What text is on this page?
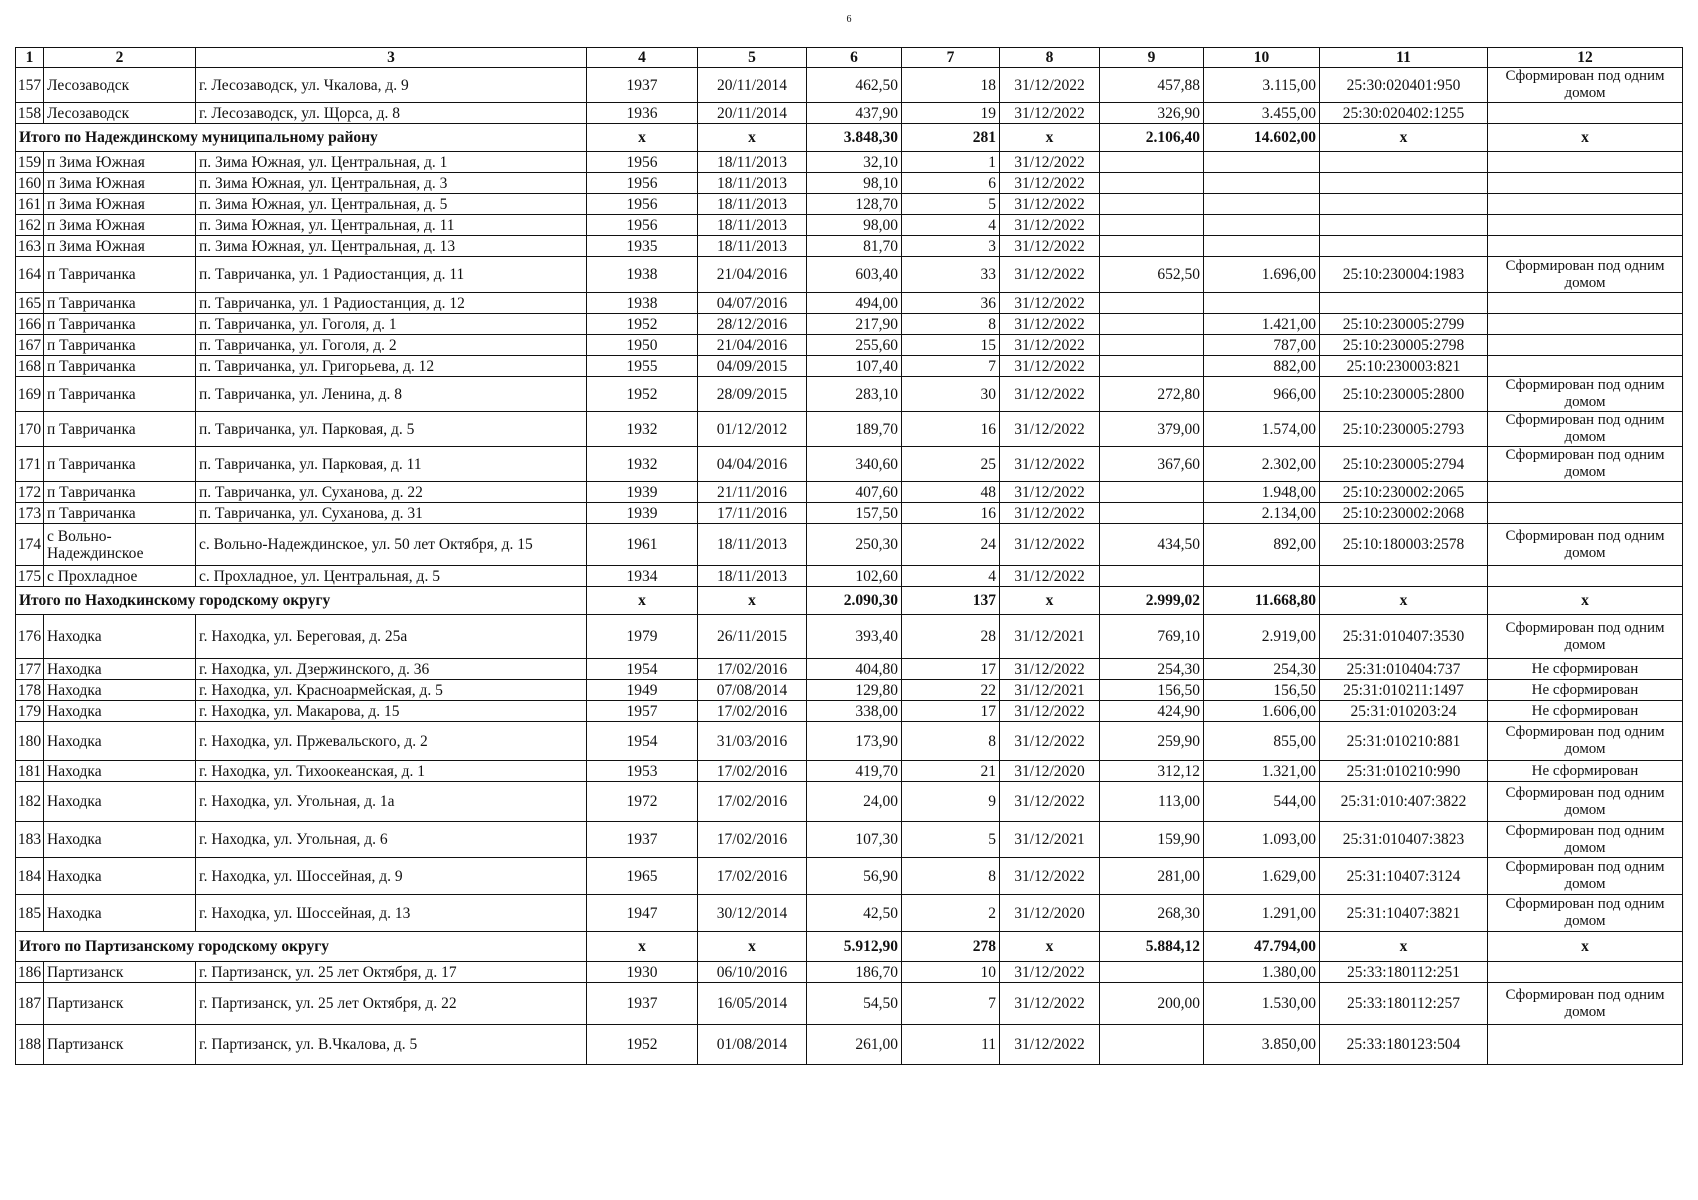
6
1	2	3	4	5	6	7	8	9	10	11	12
157	Лесозаводск	г. Лесозаводск, ул. Чкалова, д. 9	1937	20/11/2014	462,50	18	31/12/2022	457,88	3.115,00	25:30:020401:950	Сформирован под одним домом
158	Лесозаводск	г. Лесозаводск, ул. Щорса, д. 8	1936	20/11/2014	437,90	19	31/12/2022	326,90	3.455,00	25:30:020402:1255	
Итого по Надеждинскому муниципальному району			х	х	3.848,30	281	х	2.106,40	14.602,00	х	х
159	п Зима Южная	п. Зима Южная, ул. Центральная, д. 1	1956	18/11/2013	32,10	1	31/12/2022				
160	п Зима Южная	п. Зима Южная, ул. Центральная, д. 3	1956	18/11/2013	98,10	6	31/12/2022				
161	п Зима Южная	п. Зима Южная, ул. Центральная, д. 5	1956	18/11/2013	128,70	5	31/12/2022				
162	п Зима Южная	п. Зима Южная, ул. Центральная, д. 11	1956	18/11/2013	98,00	4	31/12/2022				
163	п Зима Южная	п. Зима Южная, ул. Центральная, д. 13	1935	18/11/2013	81,70	3	31/12/2022				
164	п Тавричанка	п. Тавричанка, ул. 1 Радиостанция, д. 11	1938	21/04/2016	603,40	33	31/12/2022	652,50	1.696,00	25:10:230004:1983	Сформирован под одним домом
165	п Тавричанка	п. Тавричанка, ул. 1 Радиостанция, д. 12	1938	04/07/2016	494,00	36	31/12/2022				
166	п Тавричанка	п. Тавричанка, ул. Гоголя, д. 1	1952	28/12/2016	217,90	8	31/12/2022		1.421,00	25:10:230005:2799	
167	п Тавричанка	п. Тавричанка, ул. Гоголя, д. 2	1950	21/04/2016	255,60	15	31/12/2022		787,00	25:10:230005:2798	
168	п Тавричанка	п. Тавричанка, ул. Григорьева, д. 12	1955	04/09/2015	107,40	7	31/12/2022		882,00	25:10:230003:821	
169	п Тавричанка	п. Тавричанка, ул. Ленина, д. 8	1952	28/09/2015	283,10	30	31/12/2022	272,80	966,00	25:10:230005:2800	Сформирован под одним домом
170	п Тавричанка	п. Тавричанка, ул. Парковая, д. 5	1932	01/12/2012	189,70	16	31/12/2022	379,00	1.574,00	25:10:230005:2793	Сформирован под одним домом
171	п Тавричанка	п. Тавричанка, ул. Парковая, д. 11	1932	04/04/2016	340,60	25	31/12/2022	367,60	2.302,00	25:10:230005:2794	Сформирован под одним домом
172	п Тавричанка	п. Тавричанка, ул. Суханова, д. 22	1939	21/11/2016	407,60	48	31/12/2022		1.948,00	25:10:230002:2065	
173	п Тавричанка	п. Тавричанка, ул. Суханова, д. 31	1939	17/11/2016	157,50	16	31/12/2022		2.134,00	25:10:230002:2068	
174	с Вольно-Надеждинское	с. Вольно-Надеждинское, ул. 50 лет Октября, д. 15	1961	18/11/2013	250,30	24	31/12/2022	434,50	892,00	25:10:180003:2578	Сформирован под одним домом
175	с Прохладное	с. Прохладное, ул. Центральная, д. 5	1934	18/11/2013	102,60	4	31/12/2022				
Итого по Находкинскому городскому округу			х	х	2.090,30	137	х	2.999,02	11.668,80	х	х
176	Находка	г. Находка, ул. Береговая, д. 25а	1979	26/11/2015	393,40	28	31/12/2021	769,10	2.919,00	25:31:010407:3530	Сформирован под одним домом
177	Находка	г. Находка, ул. Дзержинского, д. 36	1954	17/02/2016	404,80	17	31/12/2022	254,30	254,30	25:31:010404:737	Не сформирован
178	Находка	г. Находка, ул. Красноармейская, д. 5	1949	07/08/2014	129,80	22	31/12/2021	156,50	156,50	25:31:010211:1497	Не сформирован
179	Находка	г. Находка, ул. Макарова, д. 15	1957	17/02/2016	338,00	17	31/12/2022	424,90	1.606,00	25:31:010203:24	Не сформирован
180	Находка	г. Находка, ул. Пржевальского, д. 2	1954	31/03/2016	173,90	8	31/12/2022	259,90	855,00	25:31:010210:881	Сформирован под одним домом
181	Находка	г. Находка, ул. Тихоокеанская, д. 1	1953	17/02/2016	419,70	21	31/12/2020	312,12	1.321,00	25:31:010210:990	Не сформирован
182	Находка	г. Находка, ул. Угольная, д. 1а	1972	17/02/2016	24,00	9	31/12/2022	113,00	544,00	25:31:010:407:3822	Сформирован под одним домом
183	Находка	г. Находка, ул. Угольная, д. 6	1937	17/02/2016	107,30	5	31/12/2021	159,90	1.093,00	25:31:010407:3823	Сформирован под одним домом
184	Находка	г. Находка, ул. Шоссейная, д. 9	1965	17/02/2016	56,90	8	31/12/2022	281,00	1.629,00	25:31:10407:3124	Сформирован под одним домом
185	Находка	г. Находка, ул. Шоссейная, д. 13	1947	30/12/2014	42,50	2	31/12/2020	268,30	1.291,00	25:31:10407:3821	Сформирован под одним домом
Итого по Партизанскому городскому округу			х	х	5.912,90	278	х	5.884,12	47.794,00	х	х
186	Партизанск	г. Партизанск, ул. 25 лет Октября, д. 17	1930	06/10/2016	186,70	10	31/12/2022		1.380,00	25:33:180112:251	
187	Партизанск	г. Партизанск, ул. 25 лет Октября, д. 22	1937	16/05/2014	54,50	7	31/12/2022	200,00	1.530,00	25:33:180112:257	Сформирован под одним домом
188	Партизанск	г. Партизанск, ул. В.Чкалова, д. 5	1952	01/08/2014	261,00	11	31/12/2022		3.850,00	25:33:180123:504	
